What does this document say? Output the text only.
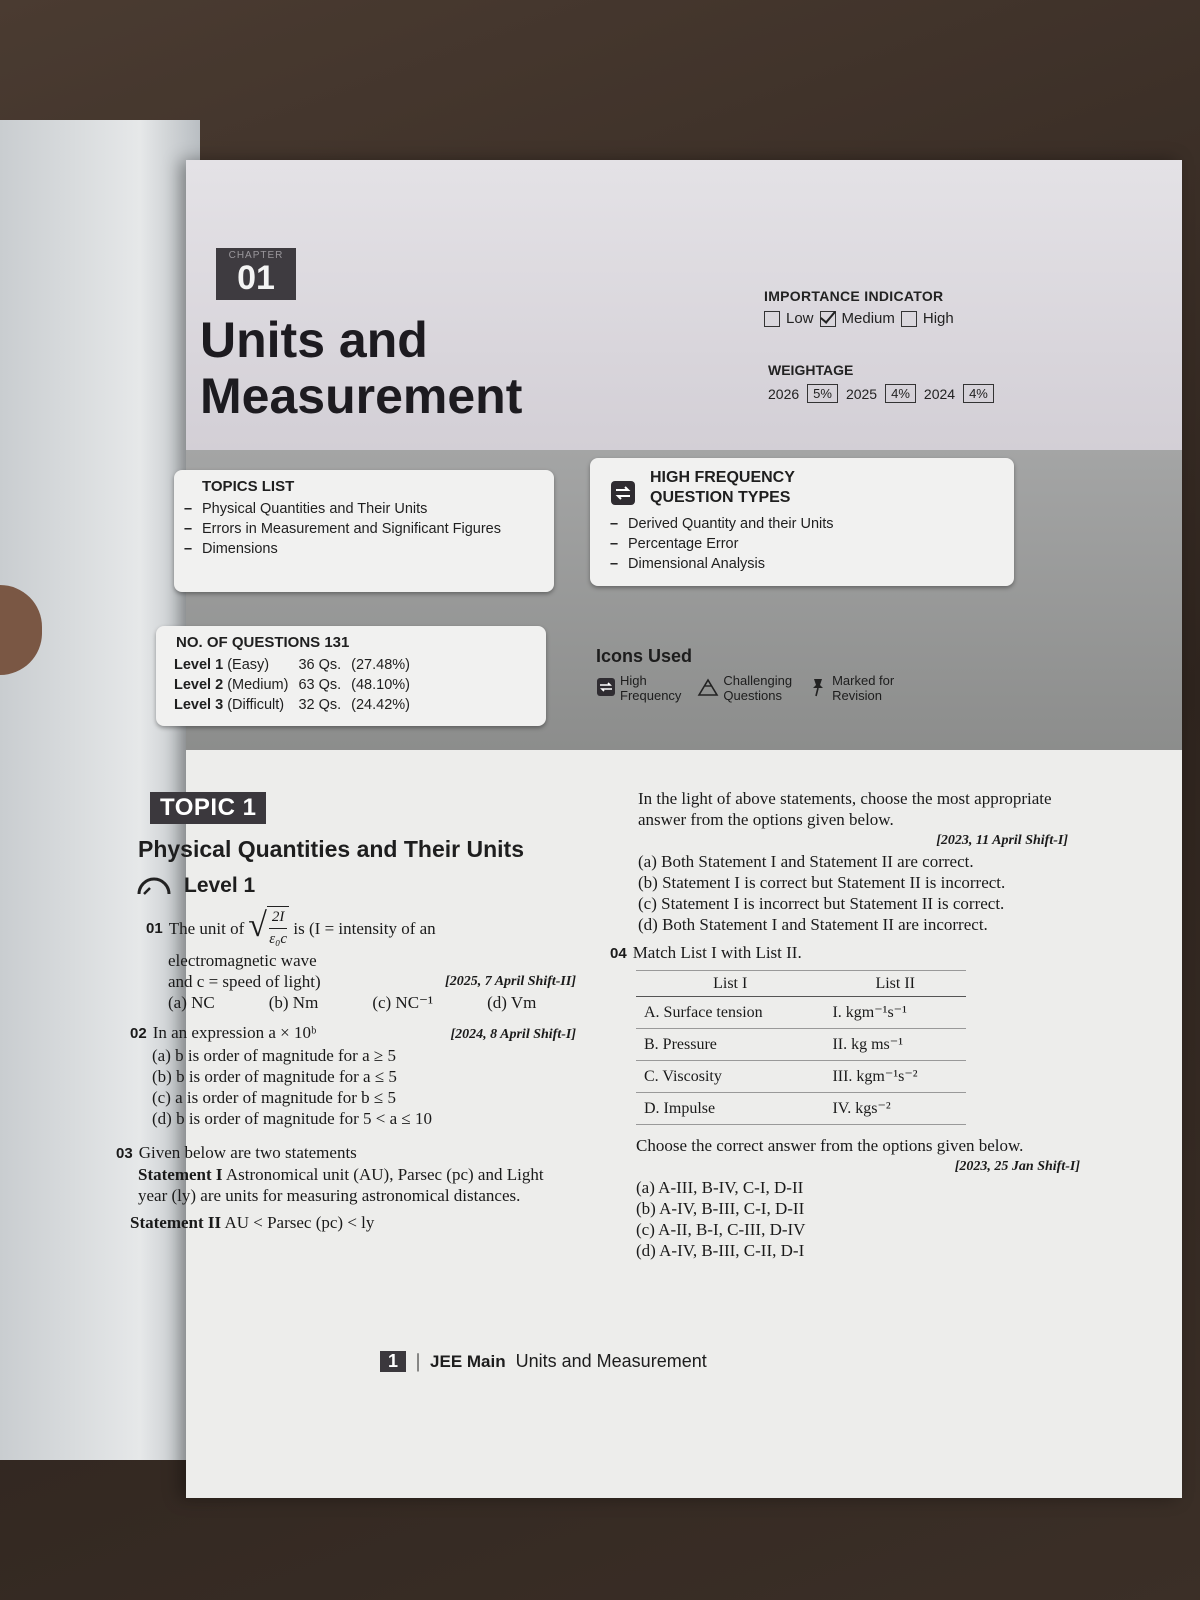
CHAPTER
01
Units and
Measurement
IMPORTANCE INDICATOR
Low Medium High
WEIGHTAGE
2026	5%	2025	4%	2024	4%
TOPICS LIST
– Physical Quantities and Their Units
– Errors in Measurement and Significant Figures
– Dimensions
HIGH FREQUENCY
QUESTION TYPES
– Derived Quantity and their Units
– Percentage Error
– Dimensional Analysis
NO. OF QUESTIONS 131
Level 1 (Easy)	36 Qs.	(27.48%)
Level 2 (Medium)	63 Qs.	(48.10%)
Level 3 (Difficult)	32 Qs.	(24.42%)
Icons Used
High
Frequency
Challenging
Questions
Marked for
Revision
TOPIC 1
Physical Quantities and Their Units
Level 1
01 The unit of √ $\frac{2I}{\text{ε₀c}}$ is (I = intensity of an
electromagnetic wave
and c = speed of light)	[2025, 7 April Shift-II]
(a) NC	(b) Nm	(c) NC⁻¹	(d) Vm
02 In an expression a × 10ᵇ	[2024, 8 April Shift-I]
(a) b is order of magnitude for a ≥ 5
(b) b is order of magnitude for a ≤ 5
(c) a is order of magnitude for b ≤ 5
(d) b is order of magnitude for 5 < a ≤ 10
03 Given below are two statements
Statement I Astronomical unit (AU), Parsec (pc) and Light year (ly) are units for measuring astronomical distances.
Statement II AU < Parsec (pc) < ly
In the light of above statements, choose the most appropriate answer from the options given below.
[2023, 11 April Shift-I]
(a) Both Statement I and Statement II are correct.
(b) Statement I is correct but Statement II is incorrect.
(c) Statement I is incorrect but Statement II is correct.
(d) Both Statement I and Statement II are incorrect.
04 Match List I with List II.
List I	List II
A. Surface tension	I. kgm⁻¹s⁻¹
B. Pressure	II. kg ms⁻¹
C. Viscosity	III. kgm⁻¹s⁻²
D. Impulse	IV. kgs⁻²
Choose the correct answer from the options given below.
[2023, 25 Jan Shift-I]
(a) A-III, B-IV, C-I, D-II
(b) A-IV, B-III, C-I, D-II
(c) A-II, B-I, C-III, D-IV
(d) A-IV, B-III, C-II, D-I
1 | JEE Main Units and Measurement
